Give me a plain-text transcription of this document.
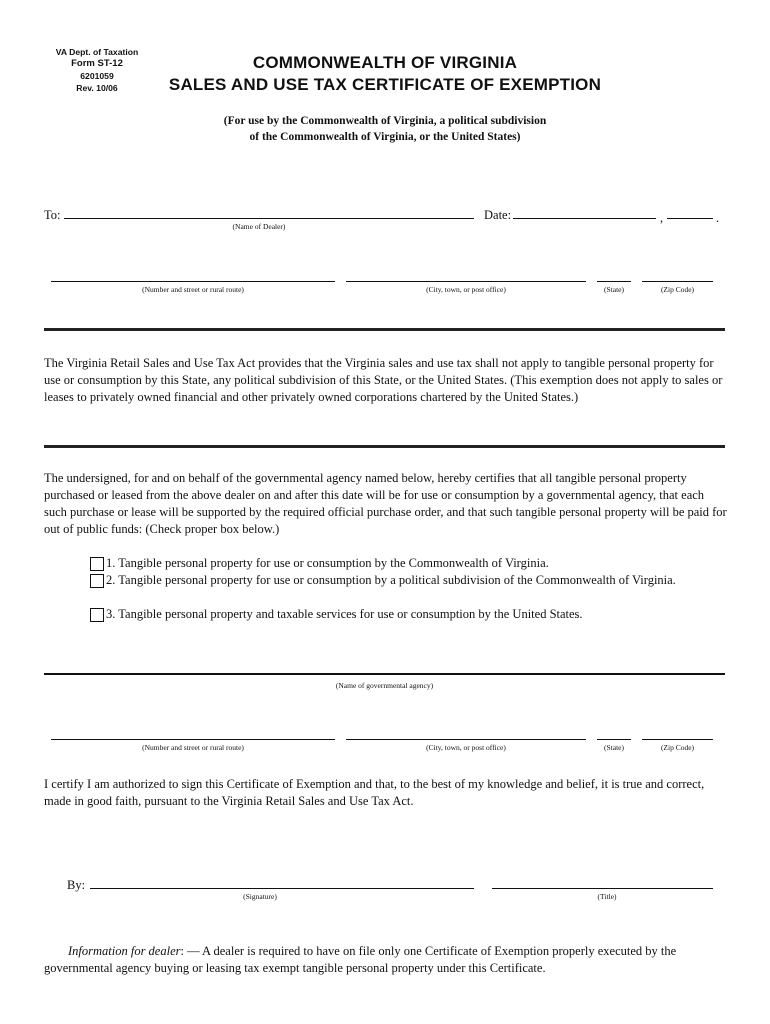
VA Dept. of Taxation
Form ST-12
6201059
Rev. 10/06
COMMONWEALTH OF VIRGINIA
SALES AND USE TAX CERTIFICATE OF EXEMPTION
(For use by the Commonwealth of Virginia, a political subdivision
of the Commonwealth of Virginia, or the United States)
To:
(Name of Dealer)
Date:	,	.
(Number and street or rural route)	(City, town, or post office)	(State)	(Zip Code)
The Virginia Retail Sales and Use Tax Act provides that the Virginia sales and use tax shall not apply to tangible personal property for use or consumption by this State, any political subdivision of this State, or the United States. (This exemption does not apply to sales or leases to privately owned financial and other privately owned corporations chartered by the United States.)
The undersigned, for and on behalf of the governmental agency named below, hereby certifies that all tangible personal property purchased or leased from the above dealer on and after this date will be for use or consumption by a governmental agency, that each such purchase or lease will be supported by the required official purchase order, and that such tangible personal property will be paid for out of public funds: (Check proper box below.)
1. Tangible personal property for use or consumption by the Commonwealth of Virginia.
2. Tangible personal property for use or consumption by a political subdivision of the Commonwealth of Virginia.
3. Tangible personal property and taxable services for use or consumption by the United States.
(Name of governmental agency)
(Number and street or rural route)	(City, town, or post office)	(State)	(Zip Code)
I certify I am authorized to sign this Certificate of Exemption and that, to the best of my knowledge and belief, it is true and correct, made in good faith, pursuant to the Virginia Retail Sales and Use Tax Act.
By:
(Signature)	(Title)
Information for dealer: — A dealer is required to have on file only one Certificate of Exemption properly executed by the governmental agency buying or leasing tax exempt tangible personal property under this Certificate.
